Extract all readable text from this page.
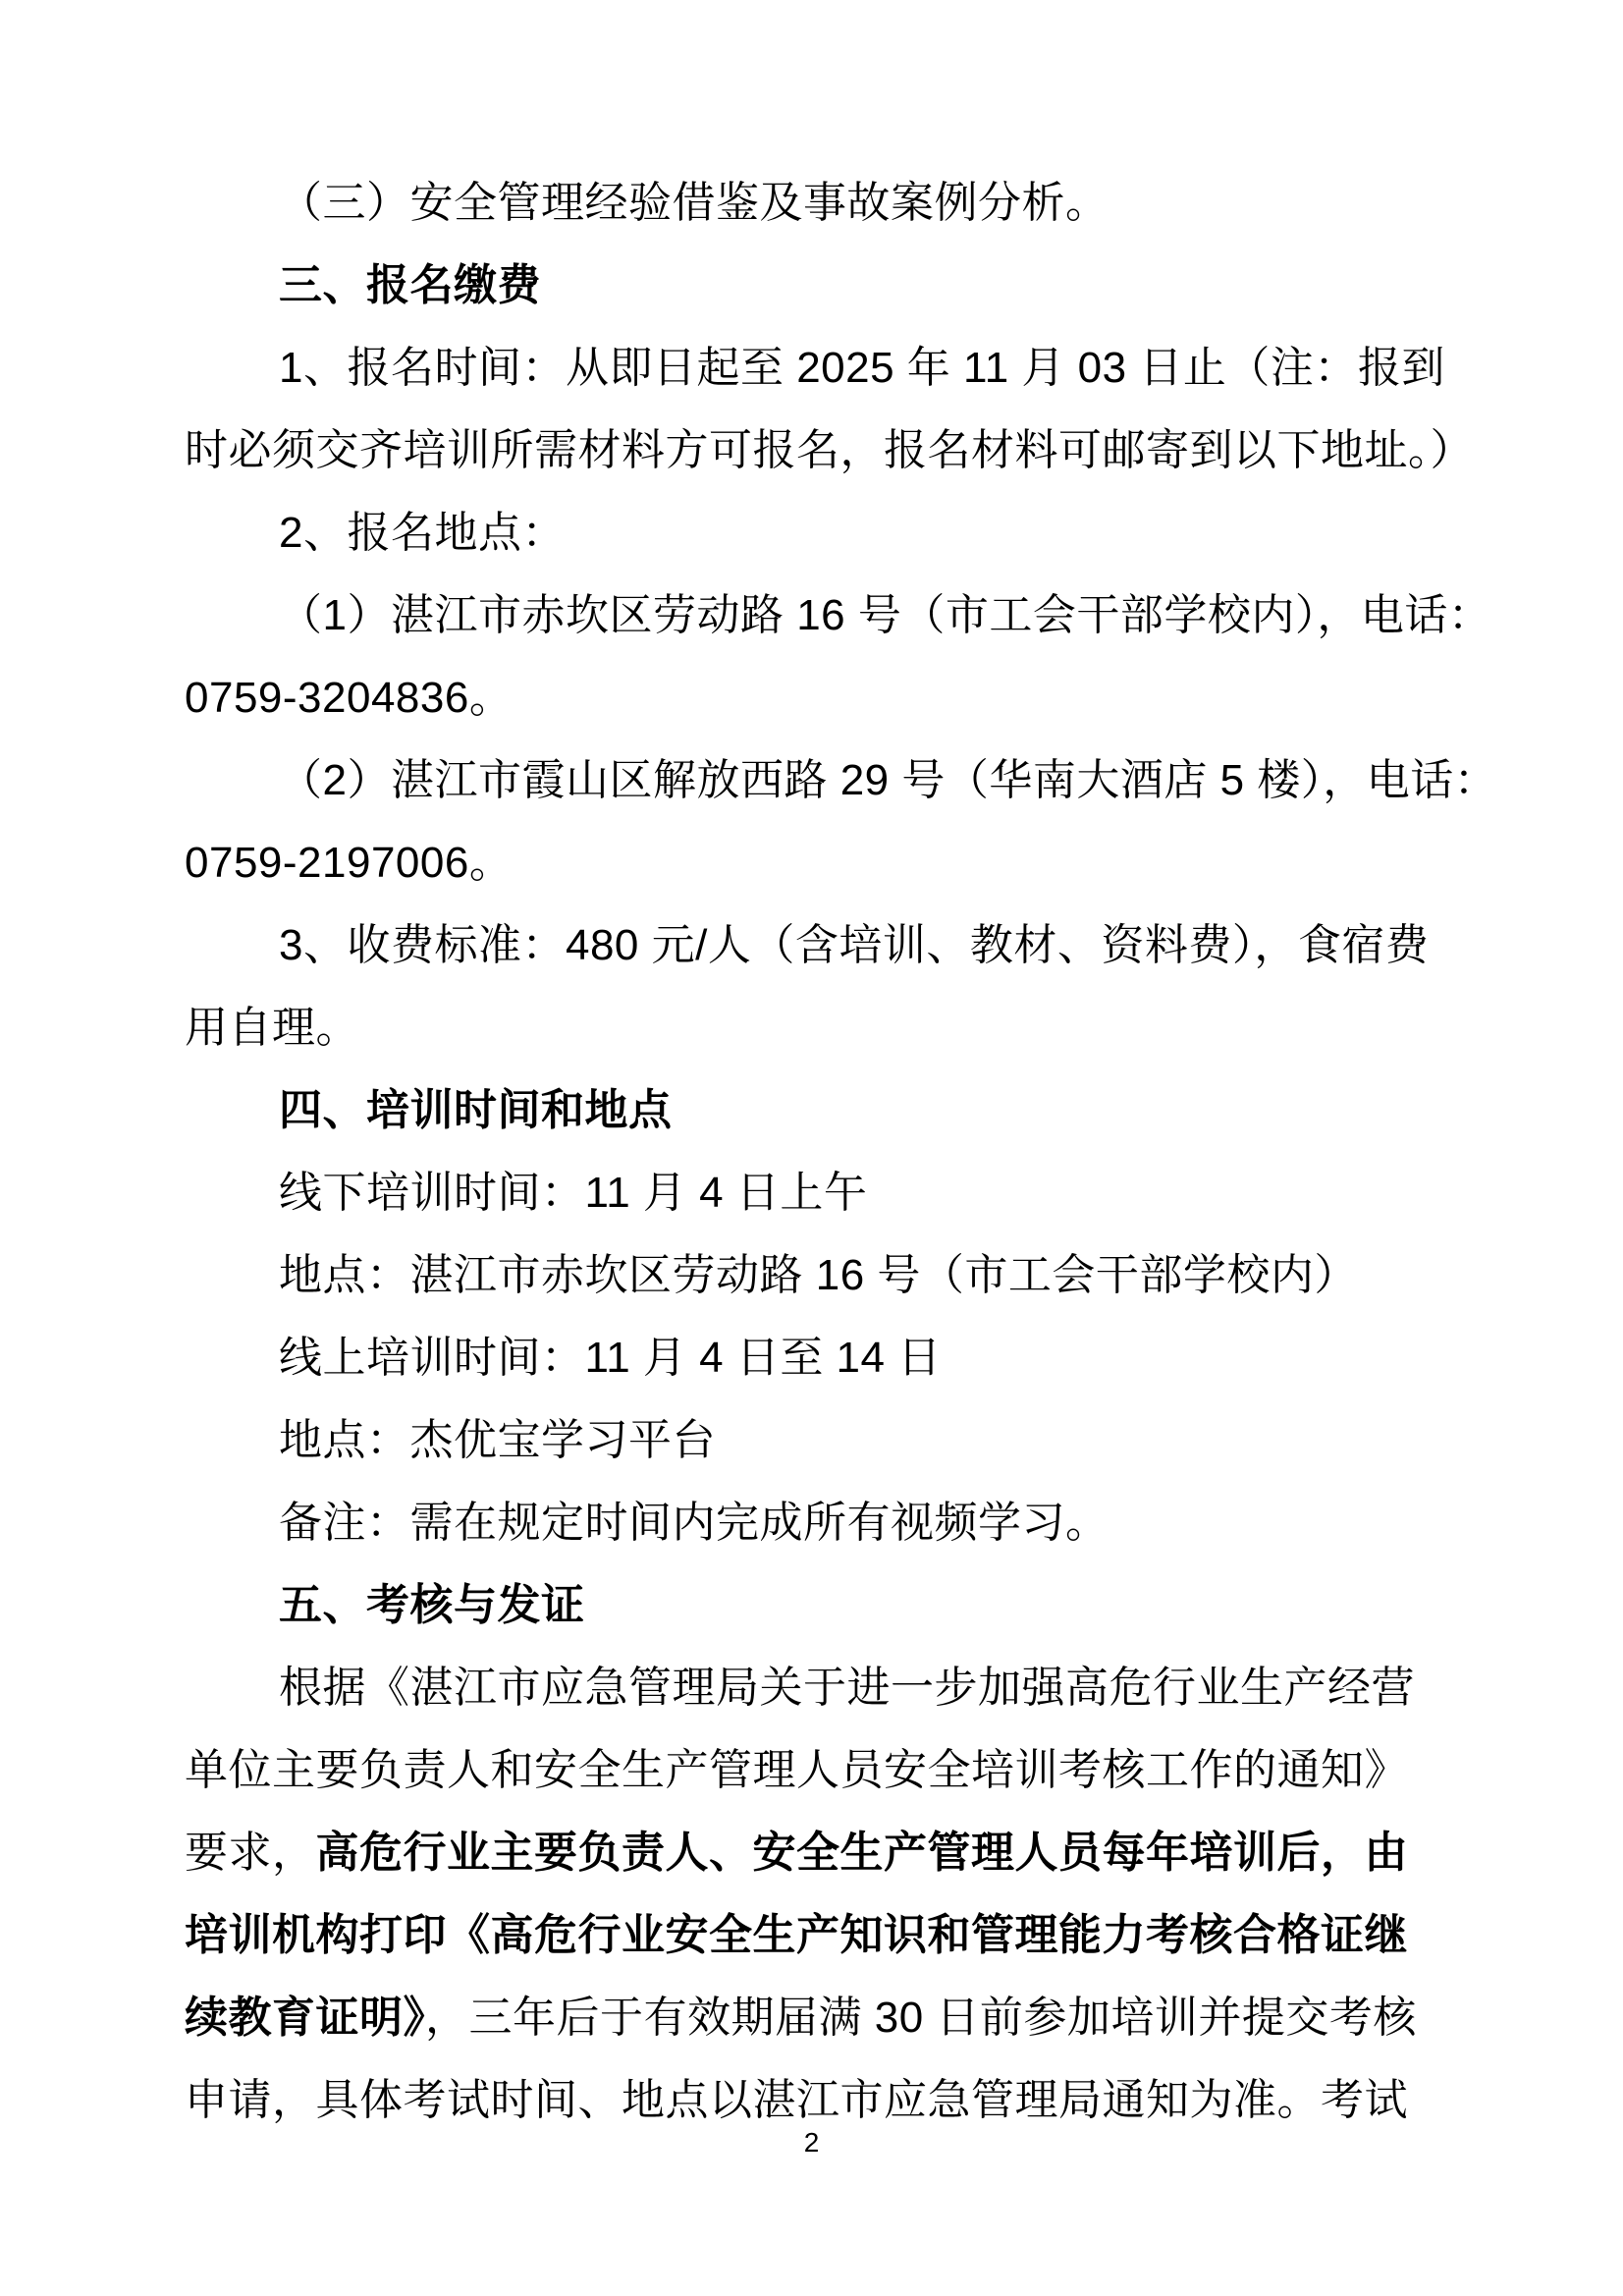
（三）安全管理经验借鉴及事故案例分析。
三、报名缴费
1、报名时间：从即日起至 2025 年 11 月 03 日止（注：报到
时必须交齐培训所需材料方可报名，报名材料可邮寄到以下地址。）
2、报名地点：
（1）湛江市赤坎区劳动路 16 号（市工会干部学校内），电话：
0759-3204836。
（2）湛江市霞山区解放西路 29 号（华南大酒店 5 楼），电话：
0759-2197006。
3、收费标准：480 元/人（含培训、教材、资料费），食宿费
用自理。
四、培训时间和地点
线下培训时间：11 月 4 日上午
地点：湛江市赤坎区劳动路 16 号（市工会干部学校内）
线上培训时间：11 月 4 日至 14 日
地点：杰优宝学习平台
备注：需在规定时间内完成所有视频学习。
五、考核与发证
根据《湛江市应急管理局关于进一步加强高危行业生产经营
单位主要负责人和安全生产管理人员安全培训考核工作的通知》
要求，高危行业主要负责人、安全生产管理人员每年培训后，由
培训机构打印《高危行业安全生产知识和管理能力考核合格证继
续教育证明》，三年后于有效期届满 30 日前参加培训并提交考核
申请，具体考试时间、地点以湛江市应急管理局通知为准。考试
2
